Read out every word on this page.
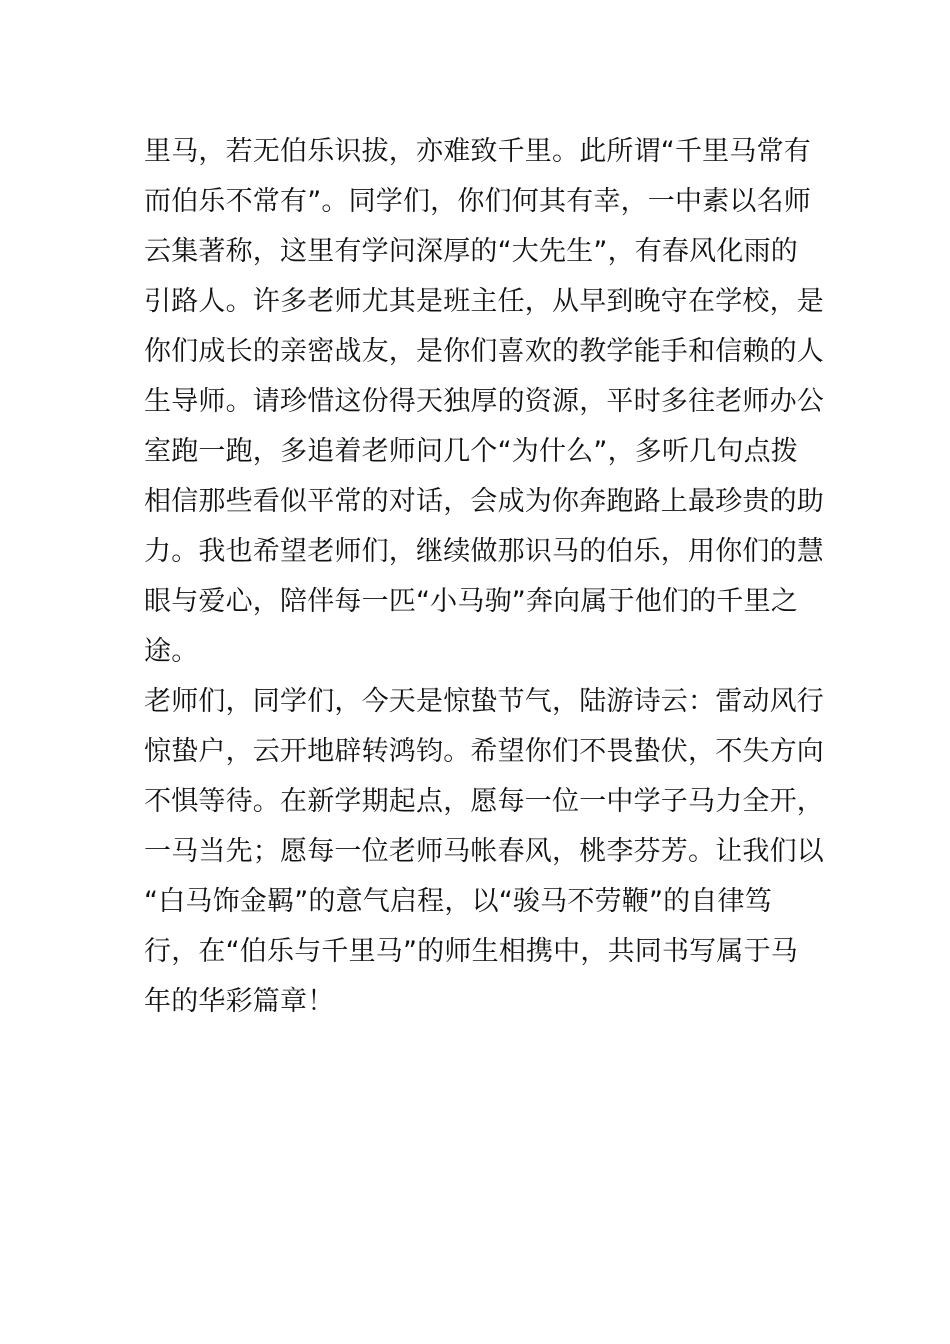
里马，若无伯乐识拔，亦难致千里。此所谓“千里马常有
而伯乐不常有”。同学们，你们何其有幸，一中素以名师
云集著称，这里有学问深厚的“大先生”，有春风化雨的
引路人。许多老师尤其是班主任，从早到晚守在学校，是
你们成长的亲密战友，是你们喜欢的教学能手和信赖的人
生导师。请珍惜这份得天独厚的资源，平时多往老师办公
室跑一跑，多追着老师问几个“为什么”，多听几句点拨
相信那些看似平常的对话，会成为你奔跑路上最珍贵的助
力。我也希望老师们，继续做那识马的伯乐，用你们的慧
眼与爱心，陪伴每一匹“小马驹”奔向属于他们的千里之
途。
老师们，同学们，今天是惊蛰节气，陆游诗云：雷动风行
惊蛰户，云开地辟转鸿钧。希望你们不畏蛰伏，不失方向
不惧等待。在新学期起点，愿每一位一中学子马力全开，
一马当先；愿每一位老师马帐春风，桃李芬芳。让我们以
“白马饰金羁”的意气启程，以“骏马不劳鞭”的自律笃
行，在“伯乐与千里马”的师生相携中，共同书写属于马
年的华彩篇章！
